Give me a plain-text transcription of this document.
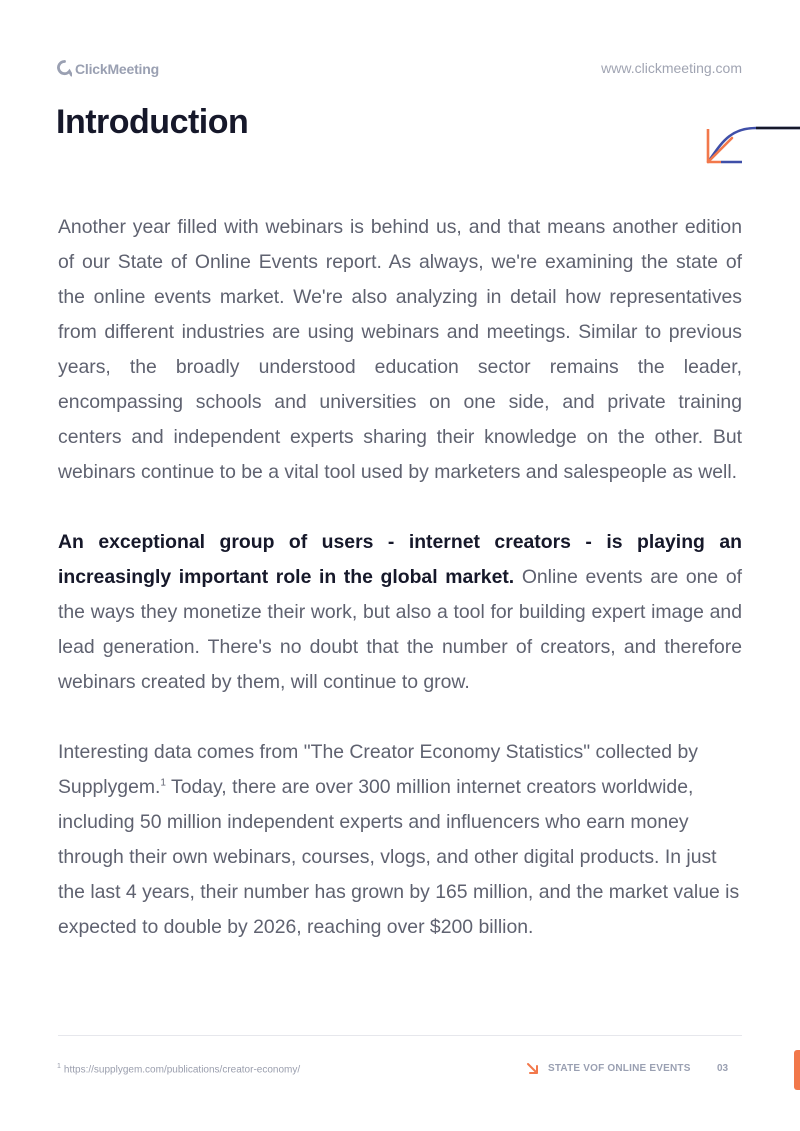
ClickMeeting	www.clickmeeting.com
Introduction

Another year filled with webinars is behind us, and that means another edition of our State of Online Events report. As always, we're examining the state of the online events market. We're also analyzing in detail how representatives from different industries are using webinars and meetings. Similar to previous years, the broadly understood education sector remains the leader, encompassing schools and universities on one side, and private training centers and independent experts sharing their knowledge on the other. But webinars continue to be a vital tool used by marketers and salespeople as well.

An exceptional group of users - internet creators - is playing an increasingly important role in the global market. Online events are one of the ways they monetize their work, but also a tool for building expert image and lead generation. There's no doubt that the number of creators, and therefore webinars created by them, will continue to grow.

Interesting data comes from "The Creator Economy Statistics" collected by Supplygem.$^1$ Today, there are over 300 million internet creators worldwide, including 50 million independent experts and influencers who earn money through their own webinars, courses, vlogs, and other digital products. In just the last 4 years, their number has grown by 165 million, and the market value is expected to double by 2026, reaching over $200 billion.

$^1$ https://supplygem.com/publications/creator-economy/	STATE VOF ONLINE EVENTS	03
